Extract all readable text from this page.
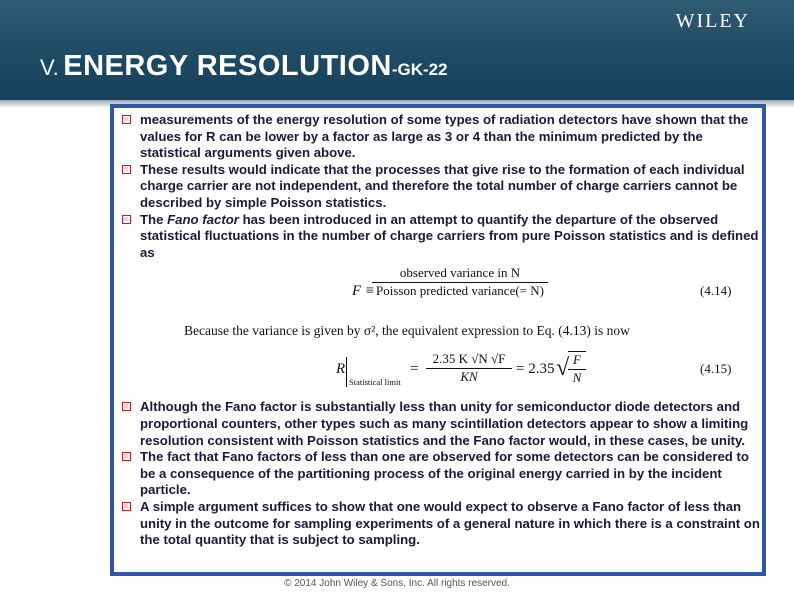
WILEY
V. ENERGY RESOLUTION-GK-22
measurements of the energy resolution of some types of radiation detectors have shown that the values for R can be lower by a factor as large as 3 or 4 than the minimum predicted by the statistical arguments given above.
These results would indicate that the processes that give rise to the formation of each individual charge carrier are not independent, and therefore the total number of charge carriers cannot be described by simple Poisson statistics.
The Fano factor has been introduced in an attempt to quantify the departure of the observed statistical fluctuations in the number of charge carriers from pure Poisson statistics and is defined as
F ≡
observed variance in N
Poisson predicted variance(= N)	(4.14)
Because the variance is given by σ², the equivalent expression to Eq. (4.13) is now
R
Statistical limit
= $\frac{2.35 K √N √F}{KN} = 2.35$ √
$\frac{F}{N}$	(4.15)
Although the Fano factor is substantially less than unity for semiconductor diode detectors and proportional counters, other types such as many scintillation detectors appear to show a limiting resolution consistent with Poisson statistics and the Fano factor would, in these cases, be unity.
The fact that Fano factors of less than one are observed for some detectors can be considered to be a consequence of the partitioning process of the original energy carried in by the incident particle.
A simple argument suffices to show that one would expect to observe a Fano factor of less than unity in the outcome for sampling experiments of a general nature in which there is a constraint on the total quantity that is subject to sampling.
© 2014 John Wiley & Sons, Inc. All rights reserved.
